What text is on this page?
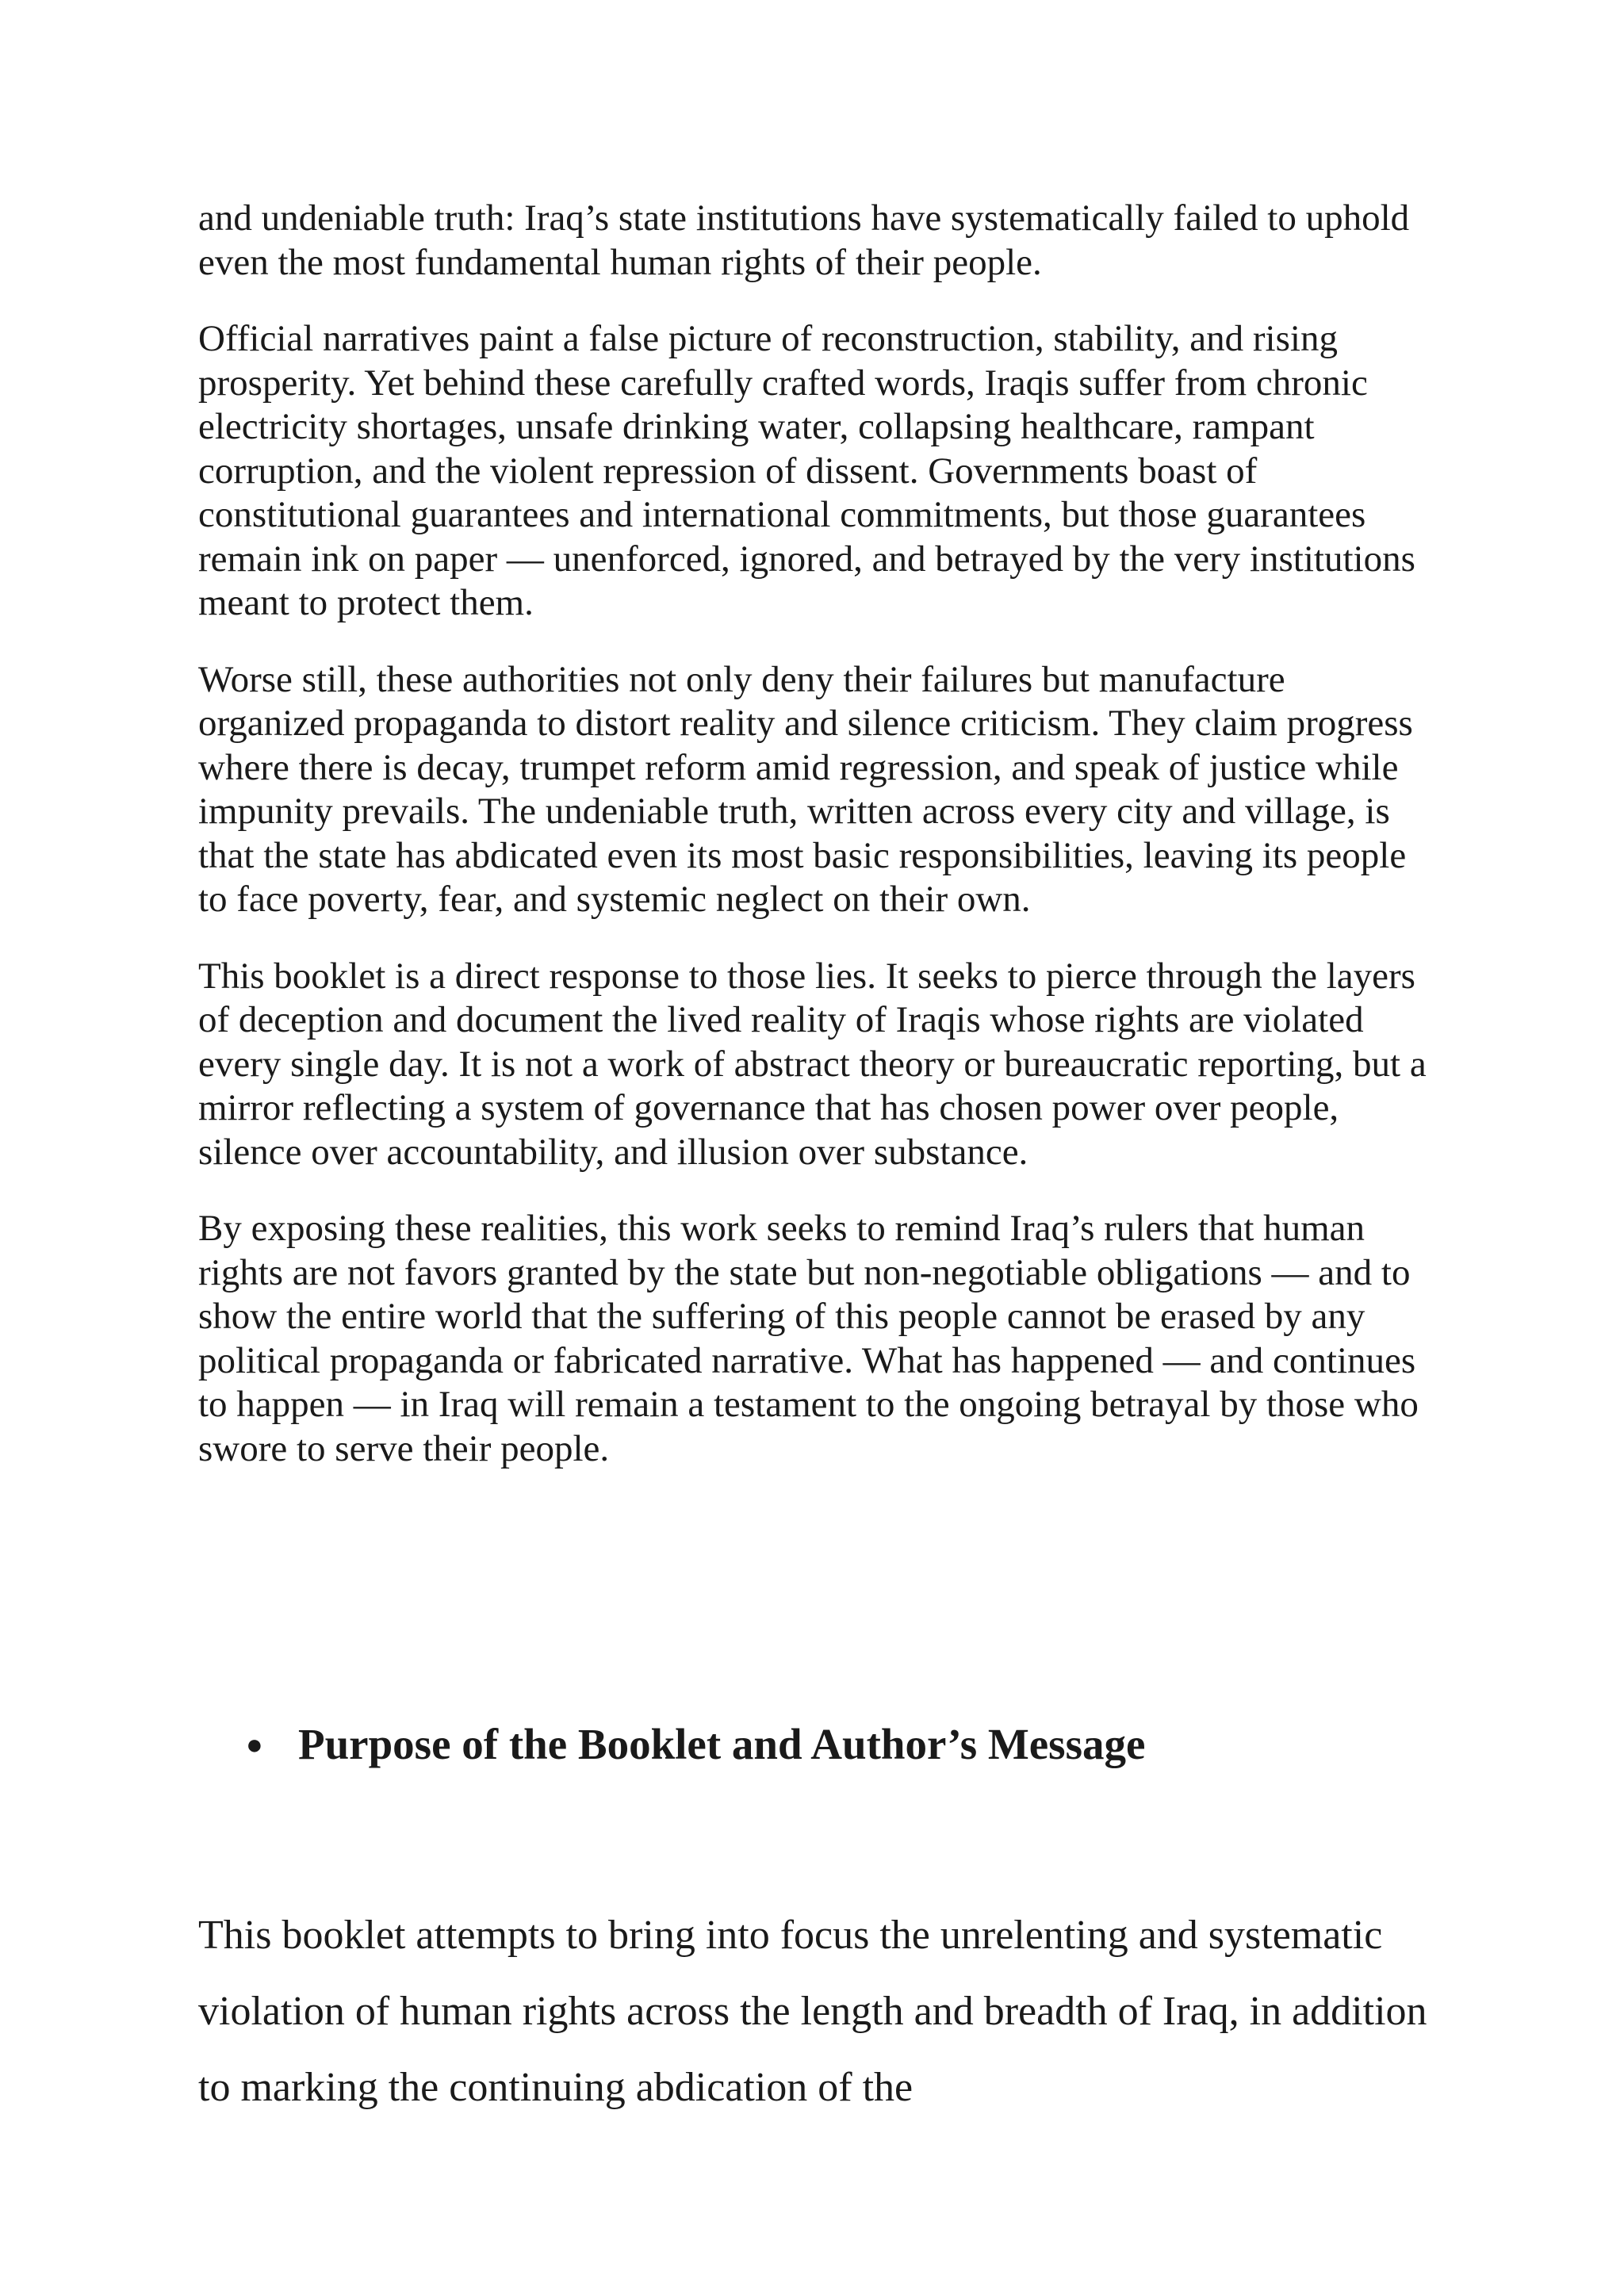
and undeniable truth: Iraq’s state institutions have systematically failed to uphold even the most fundamental human rights of their people.

Official narratives paint a false picture of reconstruction, stability, and rising prosperity. Yet behind these carefully crafted words, Iraqis suffer from chronic electricity shortages, unsafe drinking water, collapsing healthcare, rampant corruption, and the violent repression of dissent. Governments boast of constitutional guarantees and international commitments, but those guarantees remain ink on paper — unenforced, ignored, and betrayed by the very institutions meant to protect them.

Worse still, these authorities not only deny their failures but manufacture organized propaganda to distort reality and silence criticism. They claim progress where there is decay, trumpet reform amid regression, and speak of justice while impunity prevails. The undeniable truth, written across every city and village, is that the state has abdicated even its most basic responsibilities, leaving its people to face poverty, fear, and systemic neglect on their own.

This booklet is a direct response to those lies. It seeks to pierce through the layers of deception and document the lived reality of Iraqis whose rights are violated every single day. It is not a work of abstract theory or bureaucratic reporting, but a mirror reflecting a system of governance that has chosen power over people, silence over accountability, and illusion over substance.

By exposing these realities, this work seeks to remind Iraq’s rulers that human rights are not favors granted by the state but non-negotiable obligations — and to show the entire world that the suffering of this people cannot be erased by any political propaganda or fabricated narrative. What has happened — and continues to happen — in Iraq will remain a testament to the ongoing betrayal by those who swore to serve their people.

● Purpose of the Booklet and Author’s Message

This booklet attempts to bring into focus the unrelenting and systematic violation of human rights across the length and breadth of Iraq, in addition to marking the continuing abdication of the
